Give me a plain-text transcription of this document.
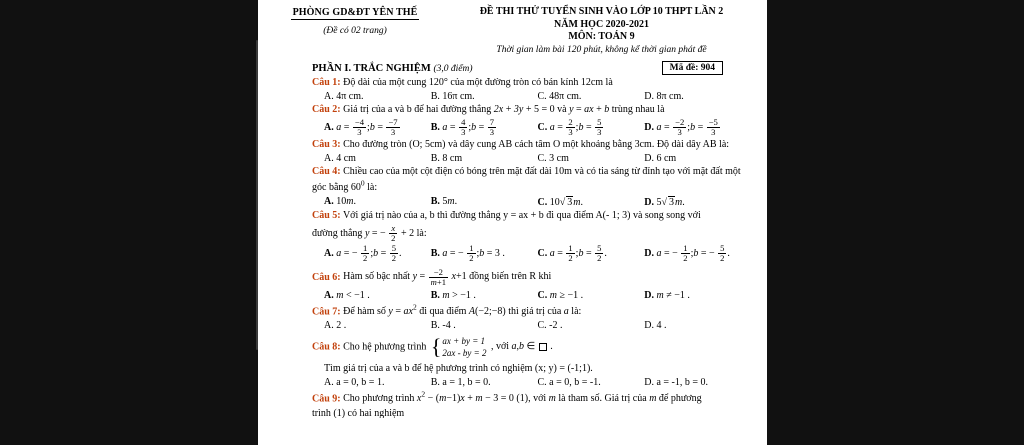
PHÒNG GD&ĐT YÊN THẾ
(Đề có 02 trang)
ĐỀ THI THỬ TUYỂN SINH VÀO LỚP 10 THPT LẦN 2
NĂM HỌC 2020-2021
MÔN: TOÁN 9
Thời gian làm bài 120 phút, không kể thời gian phát đề
PHẦN I. TRẮC NGHIỆM (3,0 điểm)	Mã đề: 904
Câu 1: Độ dài của một cung 120° của một đường tròn có bán kính 12cm là
A. 4π cm.	B. 16π cm.	C. 48π cm.	D. 8π cm.
Câu 2: Giá trị của a và b để hai đường thẳng 2x + 3y + 5 = 0 và y = ax + b trùng nhau là
A. $a = \frac{-4}{3}$ ;b = $\frac{-7}{3}$	B. $a = \frac{4}{3}$ ;b = $\frac{7}{3}$	C. $a = \frac{2}{3}$ ;b = $\frac{5}{3}$	D. $a = \frac{-2}{3}$ ;b = $\frac{-5}{3}$
Câu 3: Cho đường tròn (O; 5cm) và dây cung AB cách tâm O một khoảng bằng 3cm. Độ dài dây AB là:
A. 4 cm	B. 8 cm	C. 3 cm	D. 6 cm
Câu 4: Chiều cao của một cột điện có bóng trên mặt đất dài 10m và có tia sáng từ đỉnh tạo với mặt đất một góc bằng $60^0$ là:
A. 10m.	B. 5m.	C. 10√ 3m.	D. 5√ 3m.
Câu 5: Với giá trị nào của a, b thì đường thẳng y = ax + b đi qua điểm A(- 1; 3) và song song với
đường thẳng y = − $\frac{x}{2} + 2$ là:
A. a = − $\frac{1}{2}$ ;b = $\frac{5}{2}$ .	B. a = − $\frac{1}{2}$ ;b = 3 .	C. $a = \frac{1}{2}$ ;b = $\frac{5}{2}$ .	D. a = − $\frac{1}{2}$ ;b = − $\frac{5}{2}$ .
Câu 6: Hàm số bậc nhất $y = \frac{-2}{m+1} x+1$ đồng biến trên R khi
A. m < −1 .	B. m > −1 .	C. m ≥ −1 .	D. m ≠ −1 .
Câu 7: Để hàm số $y = ax^2$ đi qua điểm A(−2;−8) thì giá trị của a là:
A. 2 .	B. -4 .	C. -2 .	D. 4 .
Câu 8: Cho hệ phương trình { ax + by = 1
2ax - by = 2
, với a,b ∈  .
Tìm giá trị của a và b để hệ phương trình có nghiệm (x; y) = (-1;1).
A. a = 0, b = 1.	B. a = 1, b = 0.	C. a = 0, b = -1.	D. a = -1, b = 0.
Câu 9: Cho phương trình $x^2 - (m-1)x + m - 3 = 0$ (1), với m là tham số. Giá trị của m để phương
trình (1) có hai nghiệm
